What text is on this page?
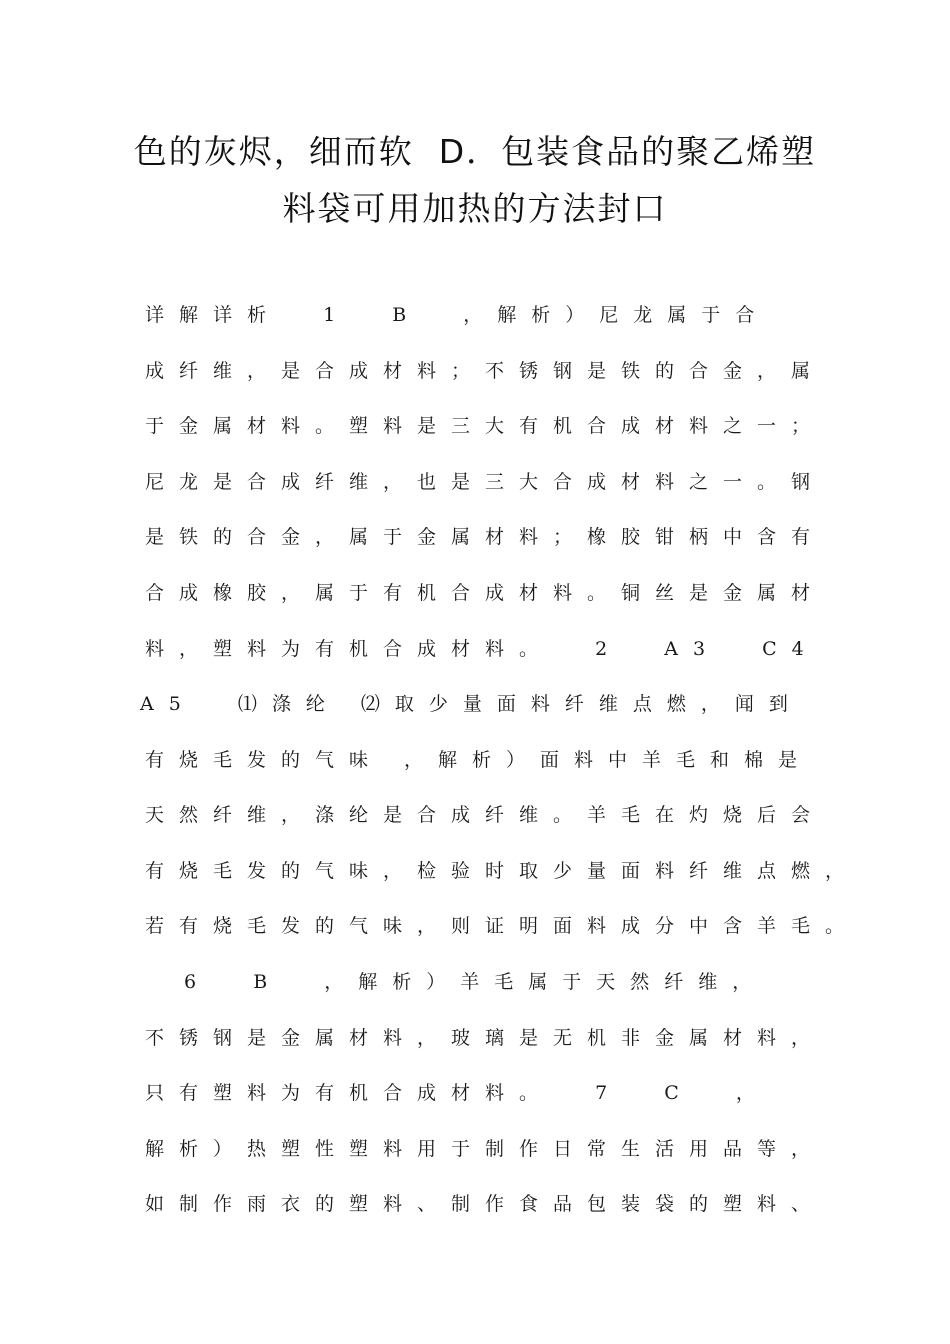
色的灰烬，细而软  D．包装食品的聚乙烯塑
料袋可用加热的方法封口
详解详析  1  B  ，解析）尼龙属于合
成纤维，是合成材料；不锈钢是铁的合金，属
于金属材料。塑料是三大有机合成材料之一；
尼龙是合成纤维，也是三大合成材料之一。钢
是铁的合金，属于金属材料；橡胶钳柄中含有
合成橡胶，属于有机合成材料。铜丝是金属材
料，塑料为有机合成材料。  2  A3  C4
A5  ⑴涤纶 ⑵取少量面料纤维点燃，闻到
有烧毛发的气味 ，解析）面料中羊毛和棉是
天然纤维，涤纶是合成纤维。羊毛在灼烧后会
有烧毛发的气味，检验时取少量面料纤维点燃，
若有烧毛发的气味，则证明面料成分中含羊毛。
6  B  ，解析）羊毛属于天然纤维，
不锈钢是金属材料，玻璃是无机非金属材料，
只有塑料为有机合成材料。  7  C  ，
解析）热塑性塑料用于制作日常生活用品等，
如制作雨衣的塑料、制作食品包装袋的塑料、
